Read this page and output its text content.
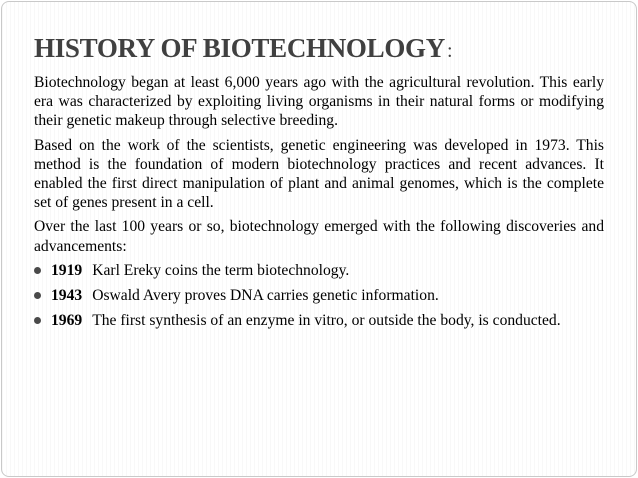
HISTORY OF BIOTECHNOLOGY :

Biotechnology began at least 6,000 years ago with the agricultural revolution. This early era was characterized by exploiting living organisms in their natural forms or modifying their genetic makeup through selective breeding.

Based on the work of the scientists, genetic engineering was developed in 1973. This method is the foundation of modern biotechnology practices and recent advances. It enabled the first direct manipulation of plant and animal genomes, which is the complete set of genes present in a cell.

Over the last 100 years or so, biotechnology emerged with the following discoveries and advancements:

1919 Karl Ereky coins the term biotechnology.
1943 Oswald Avery proves DNA carries genetic information.
1969 The first synthesis of an enzyme in vitro, or outside the body, is conducted.
